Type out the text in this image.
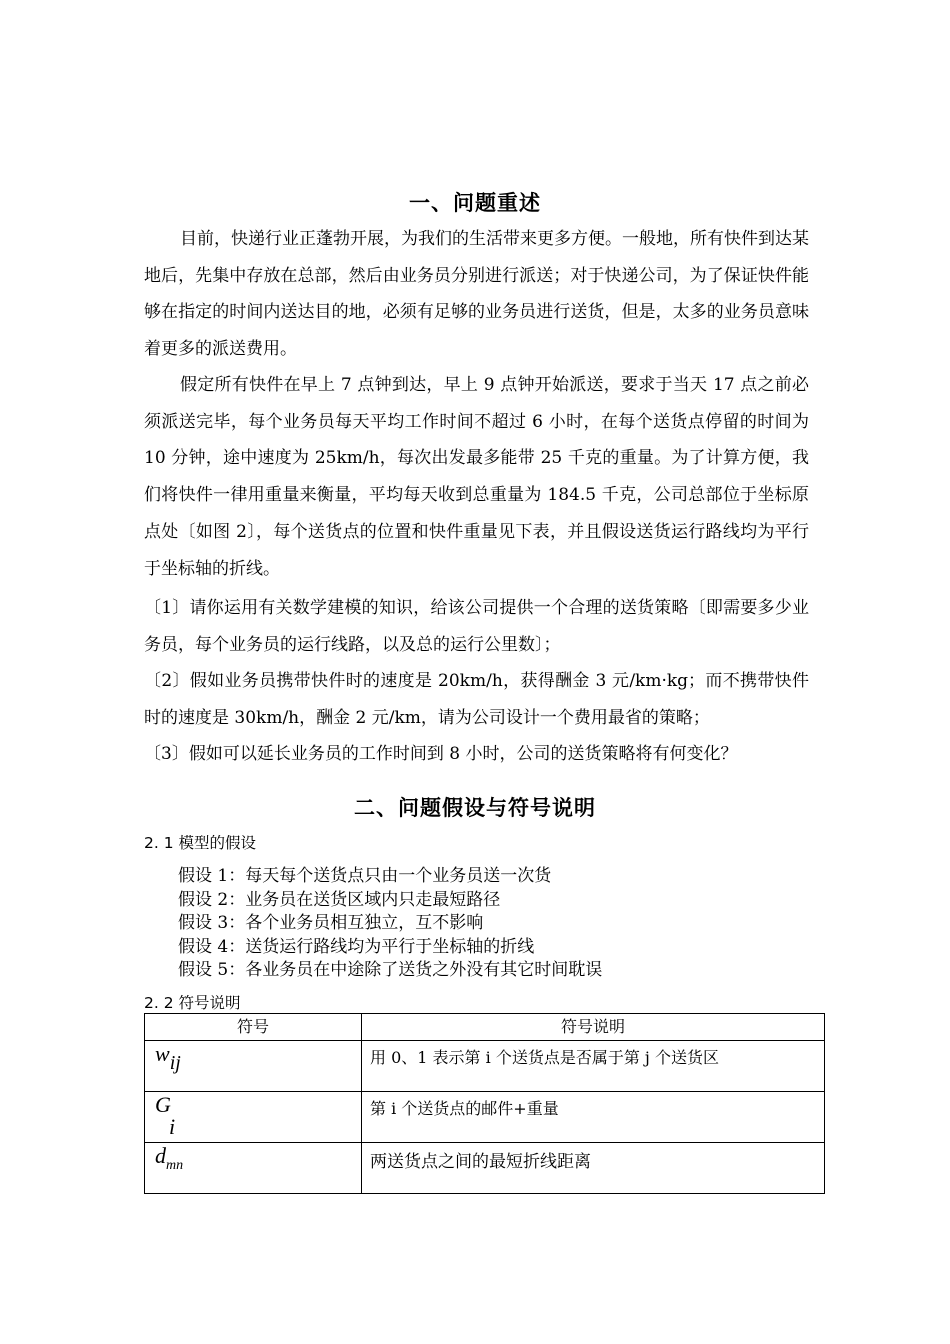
一、问题重述

目前，快递行业正蓬勃开展，为我们的生活带来更多方便。一般地，所有快件到达某地后，先集中存放在总部，然后由业务员分别进行派送；对于快递公司，为了保证快件能够在指定的时间内送达目的地，必须有足够的业务员进行送货，但是，太多的业务员意味着更多的派送费用。

假定所有快件在早上 7 点钟到达，早上 9 点钟开始派送，要求于当天 17 点之前必须派送完毕，每个业务员每天平均工作时间不超过 6 小时，在每个送货点停留的时间为 10 分钟，途中速度为 25km/h，每次出发最多能带 25 千克的重量。为了计算方便，我们将快件一律用重量来衡量，平均每天收到总重量为 184.5 千克，公司总部位于坐标原点处〔如图 2〕，每个送货点的位置和快件重量见下表，并且假设送货运行路线均为平行于坐标轴的折线。

〔1〕请你运用有关数学建模的知识，给该公司提供一个合理的送货策略〔即需要多少业务员，每个业务员的运行线路，以及总的运行公里数〕；

〔2〕假如业务员携带快件时的速度是 20km/h，获得酬金 3 元/km·kg；而不携带快件时的速度是 30km/h，酬金 2 元/km，请为公司设计一个费用最省的策略；

〔3〕假如可以延长业务员的工作时间到 8 小时，公司的送货策略将有何变化？

二、问题假设与符号说明
2. 1 模型的假设
假设 1：每天每个送货点只由一个业务员送一次货
假设 2：业务员在送货区域内只走最短路径
假设 3：各个业务员相互独立，互不影响
假设 4：送货运行路线均为平行于坐标轴的折线
假设 5：各业务员在中途除了送货之外没有其它时间耽误
2. 2 符号说明
符号	符号说明
wij	用 0、1 表示第 i 个送货点是否属于第 j 个送货区

G
i	第 i 个送货点的邮件+重量
$d_{mn}$	两送货点之间的最短折线距离
